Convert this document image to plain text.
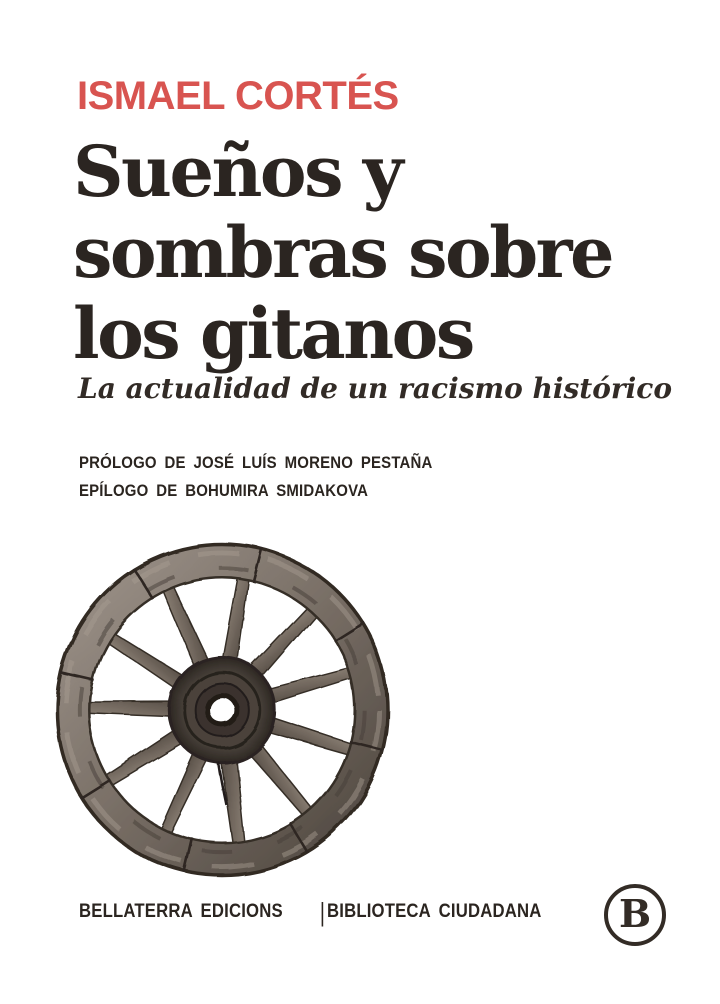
ISMAEL CORTÉS
Sueños y
sombras sobre
los gitanos
La actualidad de un racismo histórico
PRÓLOGO DE JOSÉ LUÍS MORENO PESTAÑA
EPÍLOGO DE BOHUMIRA SMIDAKOVA
BELLATERRA EDICIONS | BIBLIOTECA CIUDADANA B
